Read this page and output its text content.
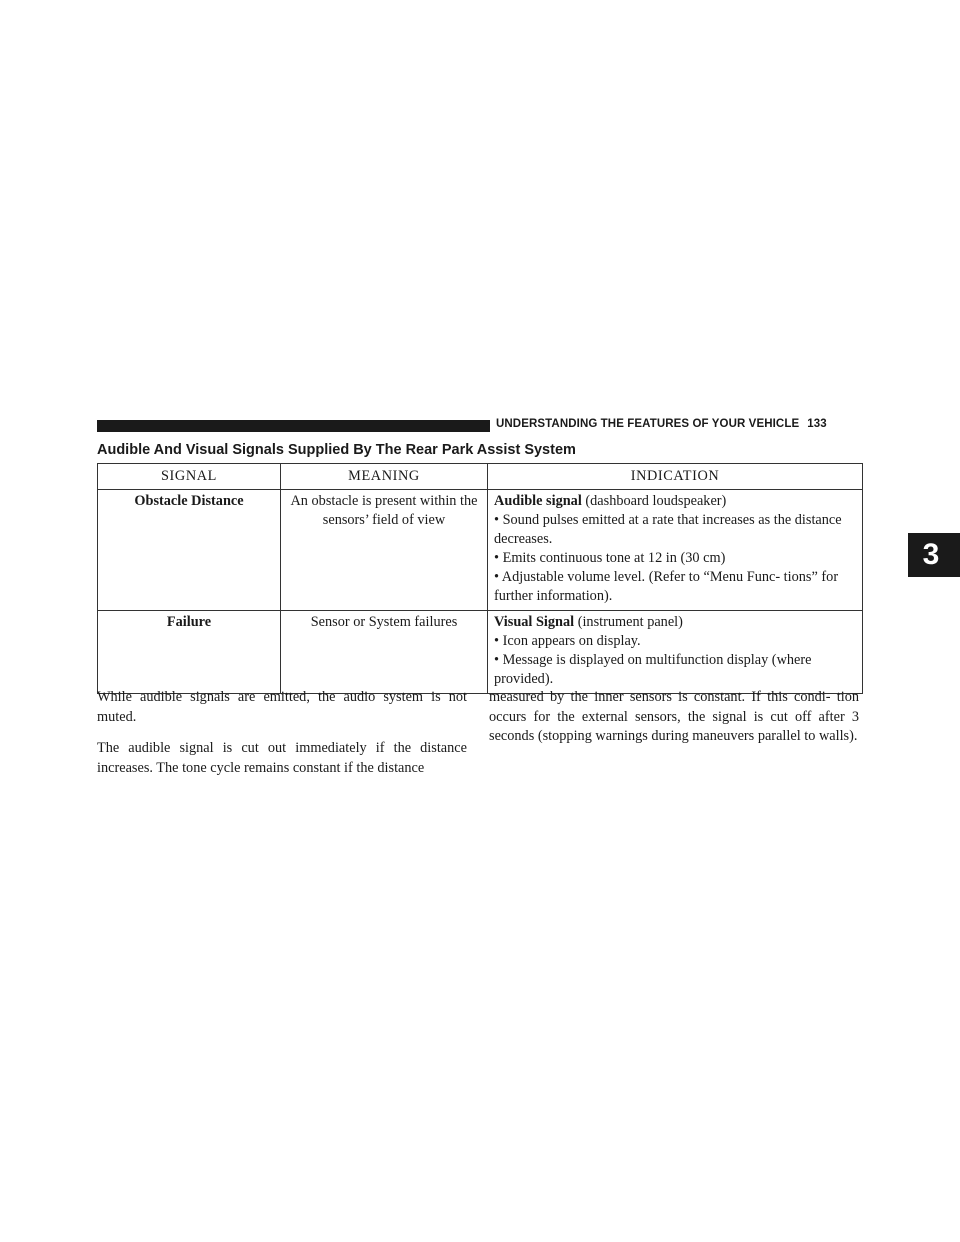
UNDERSTANDING THE FEATURES OF YOUR VEHICLE 133
Audible And Visual Signals Supplied By The Rear Park Assist System
SIGNAL	MEANING	INDICATION
Obstacle Distance	An obstacle is present within the sensors’ field of view	Audible signal (dashboard loudspeaker)
• Sound pulses emitted at a rate that increases as the distance decreases.
• Emits continuous tone at 12 in (30 cm)
• Adjustable volume level. (Refer to “Menu Func- tions” for further information).

Failure	Sensor or System failures	Visual Signal (instrument panel)
• Icon appears on display.
• Message is displayed on multifunction display (where provided).
3

While audible signals are emitted, the audio system is not muted.

The audible signal is cut out immediately if the distance increases. The tone cycle remains constant if the distance

measured by the inner sensors is constant. If this condi- tion occurs for the external sensors, the signal is cut off after 3 seconds (stopping warnings during maneuvers parallel to walls).
